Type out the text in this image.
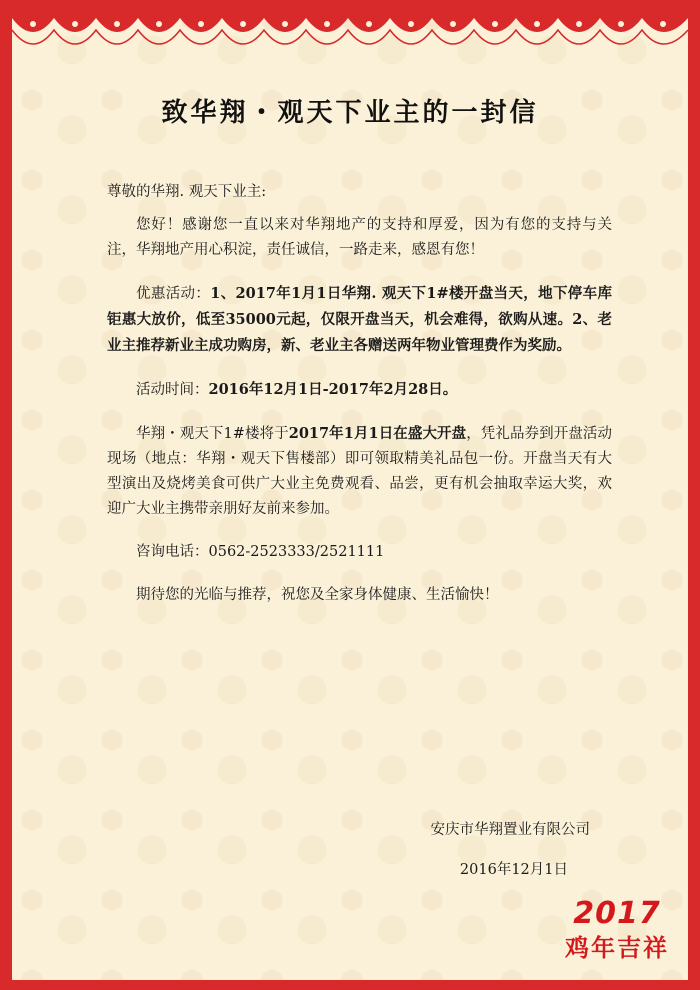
致华翔・观天下业主的一封信

尊敬的华翔. 观天下业主:

您好！感谢您一直以来对华翔地产的支持和厚爱，因为有您的支持与关注，华翔地产用心积淀，责任诚信，一路走来，感恩有您！

优惠活动：1、2017年1月1日华翔. 观天下1#楼开盘当天，地下停车库钜惠大放价，低至35000元起，仅限开盘当天，机会难得，欲购从速。2、老业主推荐新业主成功购房，新、老业主各赠送两年物业管理费作为奖励。

活动时间：2016年12月1日-2017年2月28日。

华翔・观天下1#楼将于2017年1月1日在盛大开盘，凭礼品券到开盘活动现场（地点：华翔・观天下售楼部）即可领取精美礼品包一份。开盘当天有大型演出及烧烤美食可供广大业主免费观看、品尝，更有机会抽取幸运大奖，欢迎广大业主携带亲朋好友前来参加。

咨询电话：0562-2523333/2521111

期待您的光临与推荐，祝您及全家身体健康、生活愉快！

安庆市华翔置业有限公司
2016年12月1日
2017
鸡年吉祥
